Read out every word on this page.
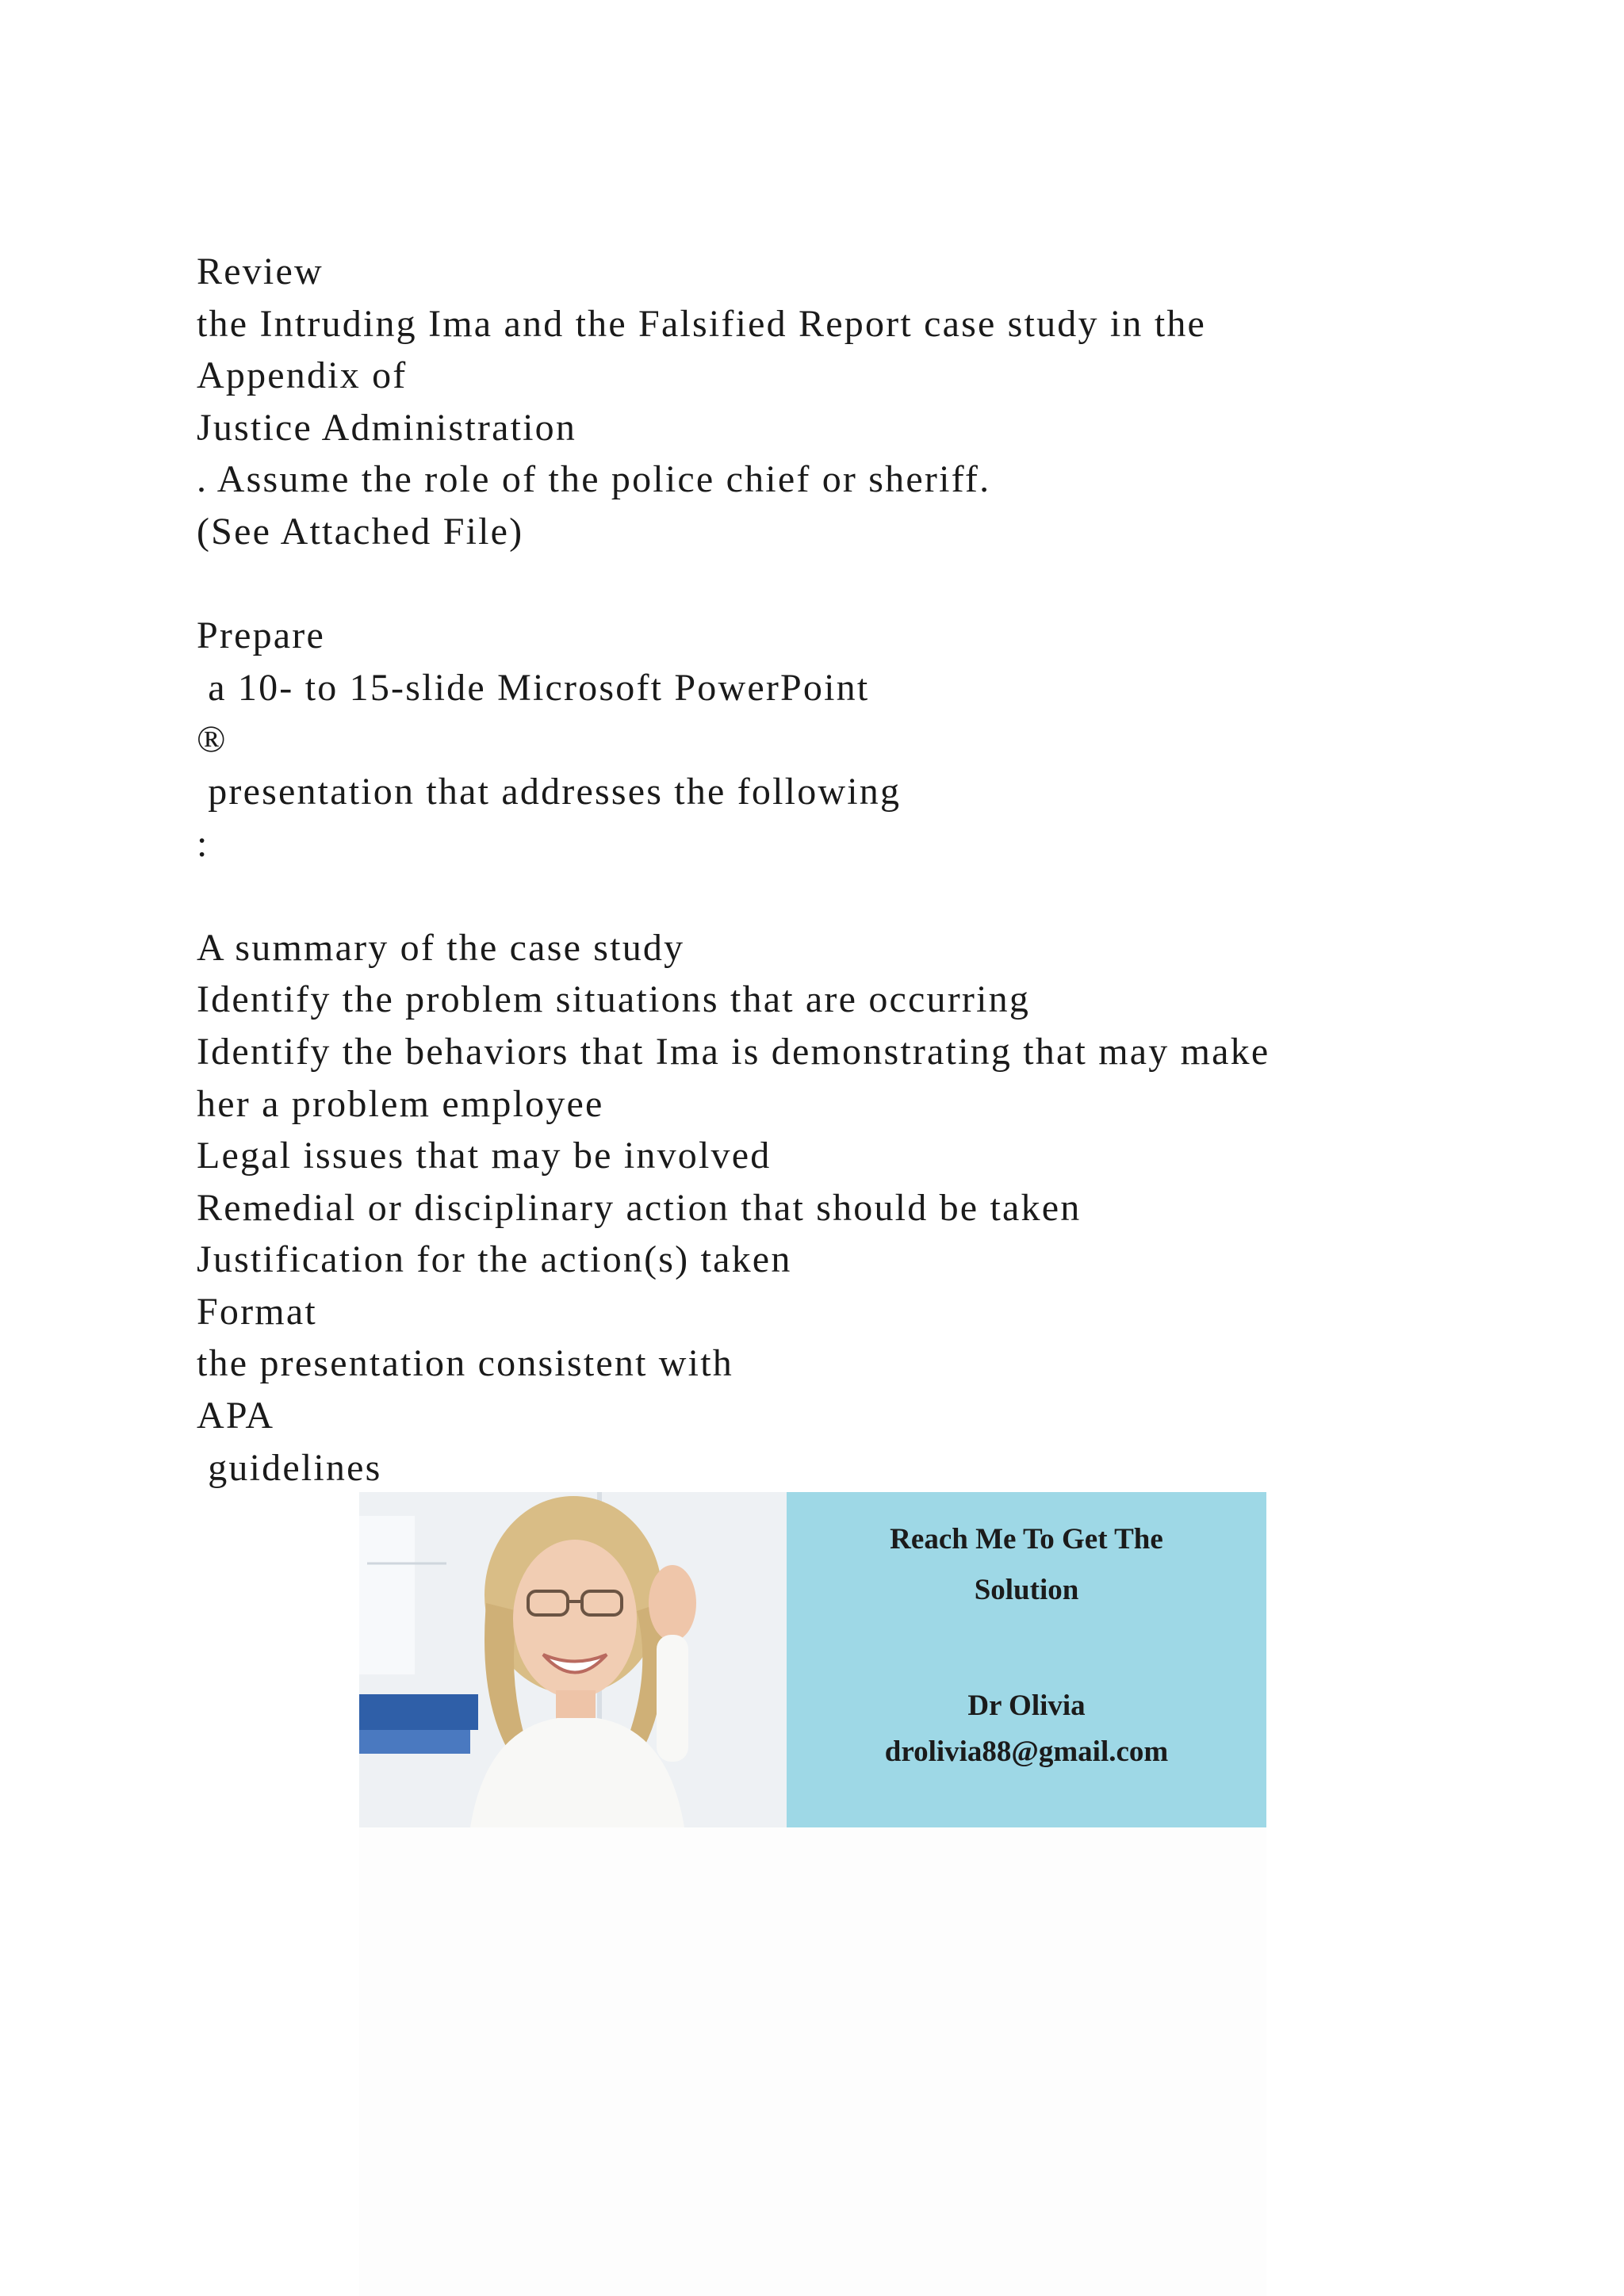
Review
the Intruding Ima and the Falsified Report case study in the
Appendix of
Justice Administration
. Assume the role of the police chief or sheriff.
(See Attached File)
Prepare
a 10- to 15-slide Microsoft PowerPoint
®
presentation that addresses the following
:
A summary of the case study
Identify the problem situations that are occurring
Identify the behaviors that Ima is demonstrating that may make
her a problem employee
Legal issues that may be involved
Remedial or disciplinary action that should be taken
Justification for the action(s) taken
Format
the presentation consistent with
APA
guidelines
Reach Me To Get The
Solution
Dr Olivia
drolivia88@gmail.com
